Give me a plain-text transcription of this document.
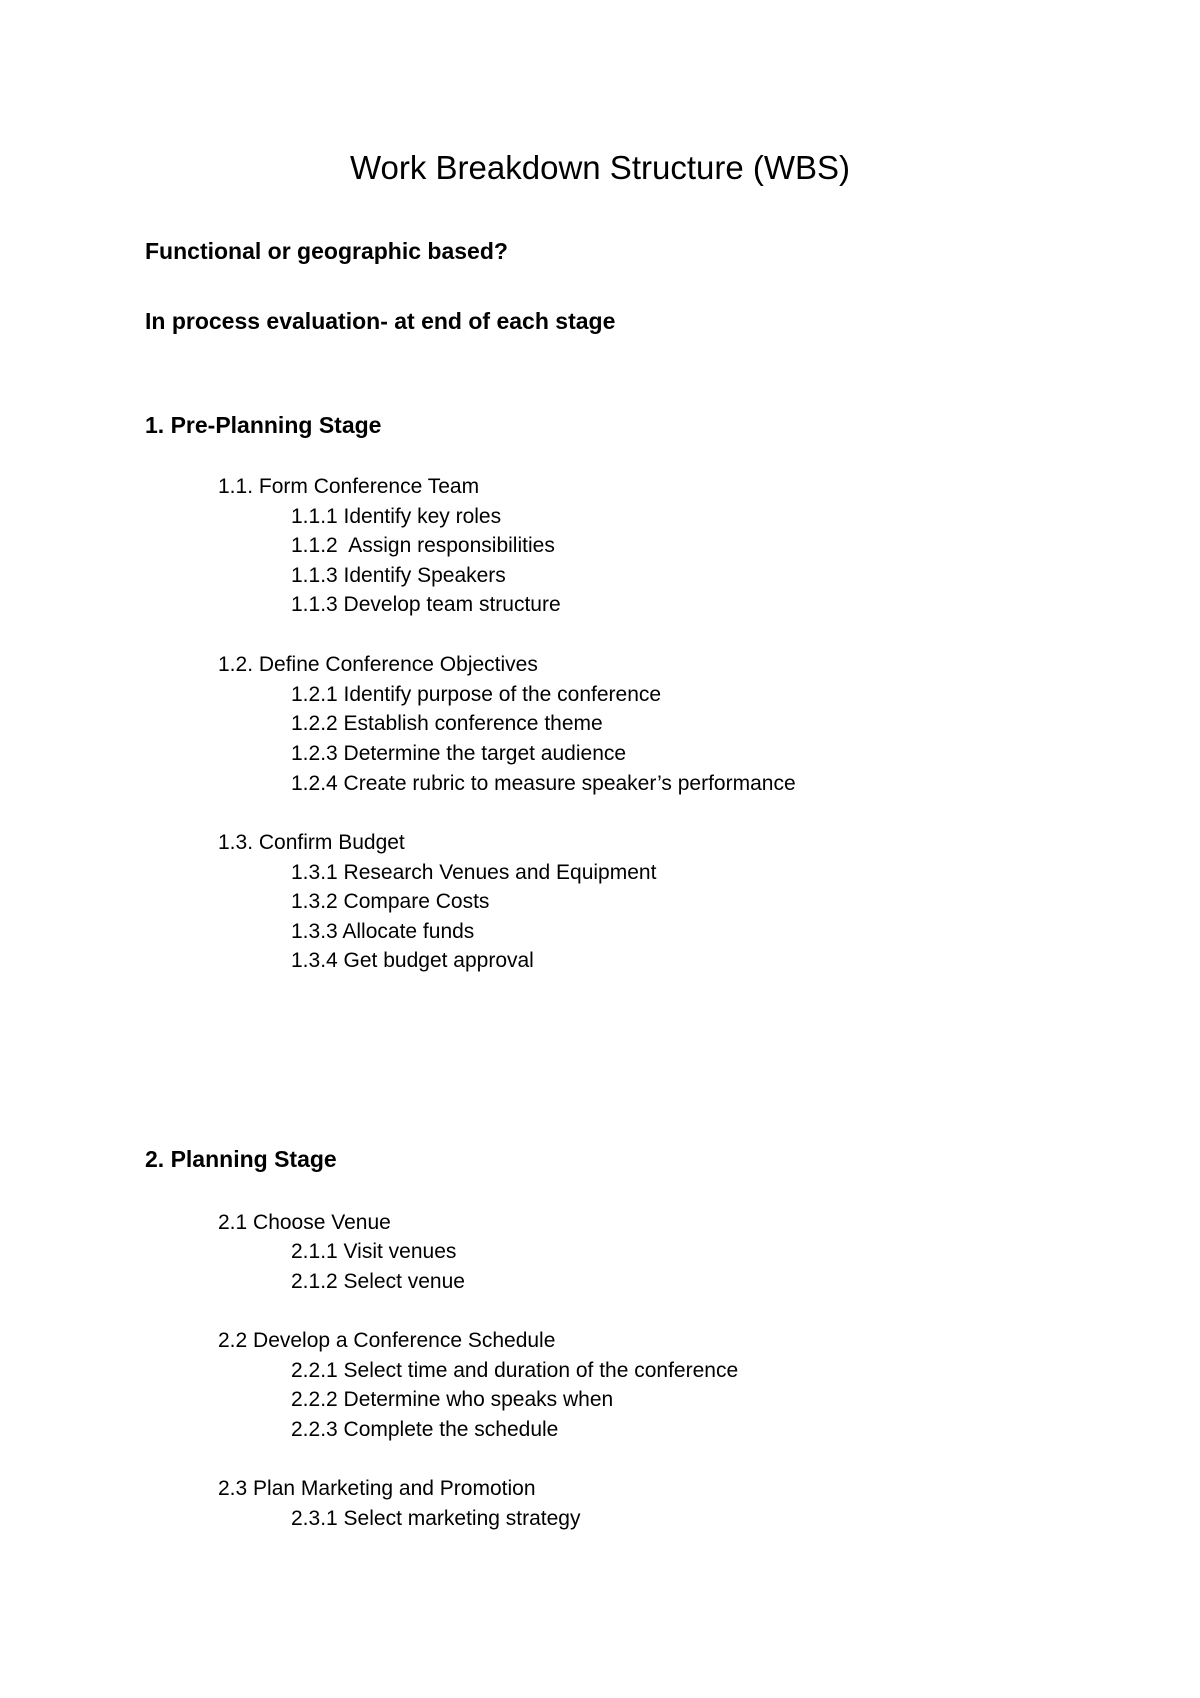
Work Breakdown Structure (WBS)

Functional or geographic based?

In process evaluation- at end of each stage

1. Pre-Planning Stage

1.1. Form Conference Team

1.1.1 Identify key roles

1.1.2  Assign responsibilities

1.1.3 Identify Speakers

1.1.3 Develop team structure

1.2. Define Conference Objectives

1.2.1 Identify purpose of the conference

1.2.2 Establish conference theme

1.2.3 Determine the target audience

1.2.4 Create rubric to measure speaker’s performance

1.3. Confirm Budget

1.3.1 Research Venues and Equipment

1.3.2 Compare Costs

1.3.3 Allocate funds

1.3.4 Get budget approval

2. Planning Stage

2.1 Choose Venue

2.1.1 Visit venues

2.1.2 Select venue

2.2 Develop a Conference Schedule

2.2.1 Select time and duration of the conference

2.2.2 Determine who speaks when

2.2.3 Complete the schedule

2.3 Plan Marketing and Promotion

2.3.1 Select marketing strategy
